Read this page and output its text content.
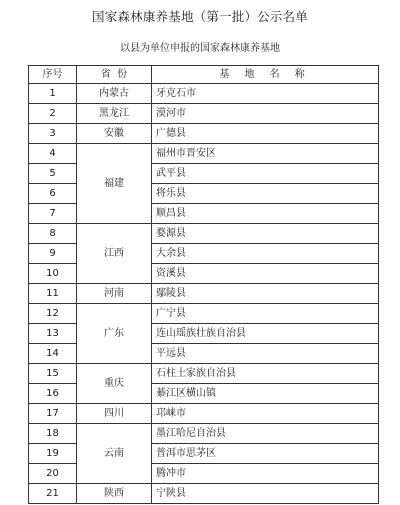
国家森林康养基地（第一批）公示名单
以县为单位申报的国家森林康养基地
序号	省  份	基 地 名 称
1	内蒙古	牙克石市
2	黑龙江	漠河市
3	安徽	广德县
4	福建	福州市晋安区
5		武平县
6		将乐县
7		顺昌县
8	江西	婺源县
9		大余县
10		资溪县
11	河南	鄢陵县
12	广东	广宁县
13		连山瑶族壮族自治县
14		平远县
15	重庆	石柱土家族自治县
16		綦江区横山镇
17	四川	邛崃市
18	云南	墨江哈尼自治县
19		普洱市思茅区
20		腾冲市
21	陕西	宁陕县
